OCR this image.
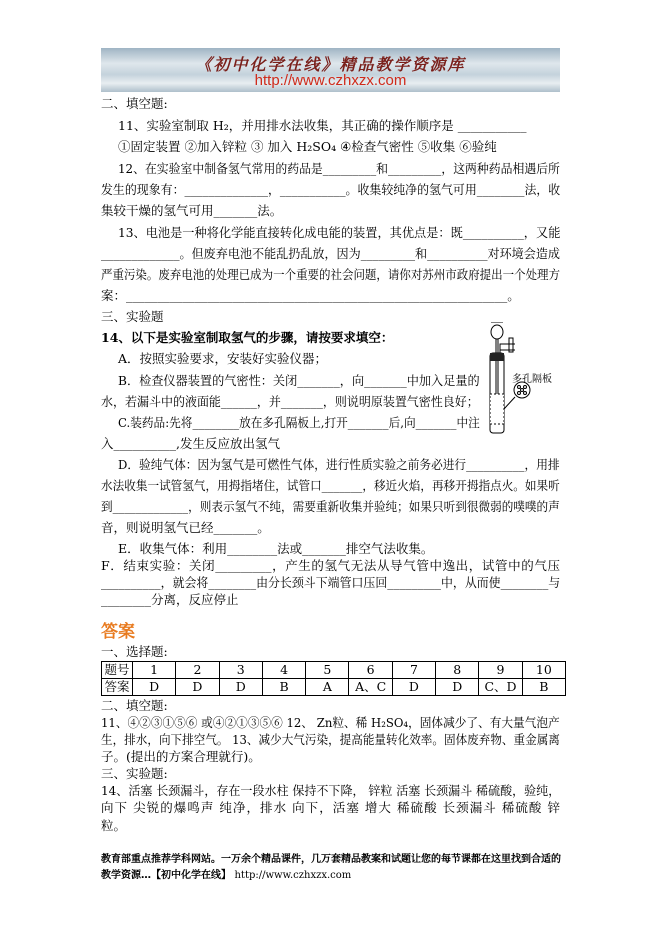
《初中化学在线》精品教学资源库
http://www.czhxzx.com
多孔隔板
二、填空题:
11、实验室制取 H₂，并用排水法收集，其正确的操作顺序是 ___________
①固定装置 ②加入锌粒 ③ 加入 H₂SO₄ ④检查气密性 ⑤收集 ⑥验纯
12、在实验室中制备氢气常用的药品是_________和_________，这两种药品相遇后所
发生的现象有：______________，___________。收集较纯净的氢气可用________法，收
集较干燥的氢气可用_______法。
13、电池是一种将化学能直接转化成电能的装置，其优点是：既__________，又能
_____________。但废弃电池不能乱扔乱放，因为_________和__________对环境会造成
严重污染。废弃电池的处理已成为一个重要的社会问题，请你对苏州市政府提出一个处理方
案：_____________________________________________________________。
三、实验题
14、以下是实验室制取氢气的步骤，请按要求填空：
A．按照实验要求，安装好实验仪器；
B．检查仪器装置的气密性：关闭_______，向_______中加入足量的
水，若漏斗中的液面能______，并_______，则说明原装置气密性良好；
C.装药品:先将________放在多孔隔板上,打开_______后,向_______中注
入__________,发生反应放出氢气
D．验纯气体：因为氢气是可燃性气体，进行性质实验之前务必进行__________，用排
水法收集一试管氢气，用拇指堵住，试管口_______，移近火焰，再移开拇指点火。如果听
到_____________，则表示氢气不纯，需要重新收集并验纯；如果只听到很微弱的噗噗的声
音，则说明氢气已经_______。
E．收集气体：利用________法或_______排空气法收集。
F．结束实验：关闭_________，产生的氢气无法从导气管中逸出，试管中的气压
__________，就会将________由分长颈斗下端管口压回_________中，从而使________与
________分离，反应停止
答案
一、选择题:
题号	1	2	3	4	5	6	7	8	9	10
答案	D	D	D	B	A	A、C	D	D	C、D	B
二、填空题:
11、④②③①⑤⑥ 或④②①③⑤⑥ 12、 Zn粒、稀 H₂SO₄，固体减少了、有大量气泡产
生，排水，向下排空气。 13、减少大气污染，提高能量转化效率。固体废弃物、重金属离
子。(提出的方案合理就行)。
三、实验题:
14、活塞 长颈漏斗，存在一段水柱 保持不下降， 锌粒 活塞 长颈漏斗 稀硫酸，验纯，
向下 尖锐的爆鸣声 纯净，排水 向下，活塞 增大 稀硫酸 长颈漏斗 稀硫酸 锌
粒。
教育部重点推荐学科网站。一万余个精品课件，几万套精品教案和试题让您的每节课都在这里找到合适的
教学资源…【初中化学在线】 http://www.czhxzx.com
